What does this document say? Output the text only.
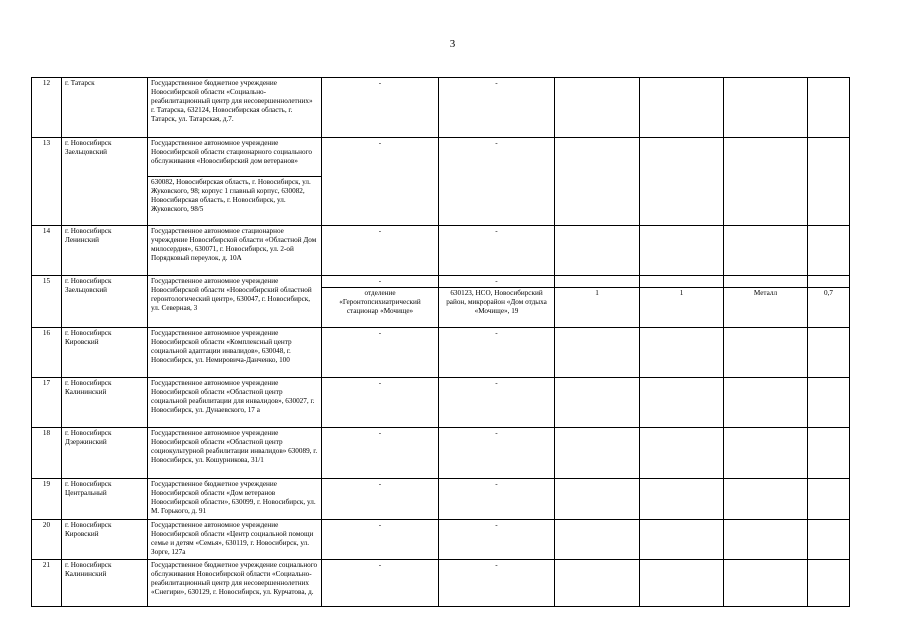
3
12	г. Татарск	Государственное бюджетное учреждение Новосибирской области «Социально-реабилитационный центр для несовершеннолетних» г. Татарска, 632124, Новосибирская область, г. Татарск, ул. Татарская, д.7.	-	-				
13	г. Новосибирск Заельцовский	Государственное автономное учреждение Новосибирской области стационарного социального обслуживания «Новосибирский дом ветеранов»	-	-				
		630082, Новосибирская область, г. Новосибирск, ул. Жуковского, 98; корпус 1 главный корпус, 630082, Новосибирская область, г. Новосибирск, ул. Жуковского, 98/5						
14	г. Новосибирск Ленинский	Государственное автономное стационарное учреждение Новосибирской области «Областной Дом милосердия», 630071, г. Новосибирск, ул. 2-ой Порядковый переулок, д. 10А	-	-				
15	г. Новосибирск Заельцовский	Государственное автономное учреждение Новосибирской области «Новосибирский областной геронтологический центр», 630047, г. Новосибирск, ул. Северная, 3	-	-				
			отделение «Геронтопсихиатрический стационар «Мочище»	630123, НСО, Новосибирский район, микрорайон «Дом отдыха «Мочище», 19	1	1	Металл	0,7
16	г. Новосибирск Кировский	Государственное автономное учреждение Новосибирской области «Комплексный центр социальной адаптации инвалидов», 630048, г. Новосибирск, ул. Немировича-Данченко, 100	-	-				
17	г. Новосибирск Калининский	Государственное автономное учреждение Новосибирской области «Областной центр социальной реабилитации для инвалидов», 630027, г. Новосибирск, ул. Дунаевского, 17 а	-	-				
18	г. Новосибирск Дзержинский	Государственное автономное учреждение Новосибирской области «Областной центр социокультурной реабилитации инвалидов» 630089, г. Новосибирск, ул. Кошурникова, 31/1	-	-				
19	г. Новосибирск Центральный	Государственное бюджетное учреждение Новосибирской области «Дом ветеранов Новосибирской области», 630099, г. Новосибирск, ул. М. Горького, д. 91	-	-				
20	г. Новосибирск Кировский	Государственное автономное учреждение Новосибирской области «Центр социальной помощи семье и детям «Семья», 630119, г. Новосибирск, ул. Зорге, 127а	-	-				
21	г. Новосибирск Калининский	Государственное бюджетное учреждение социального обслуживания Новосибирской области «Социально-реабилитационный центр для несовершеннолетних «Снегири», 630129, г. Новосибирск, ул. Курчатова, д.	-	-				
